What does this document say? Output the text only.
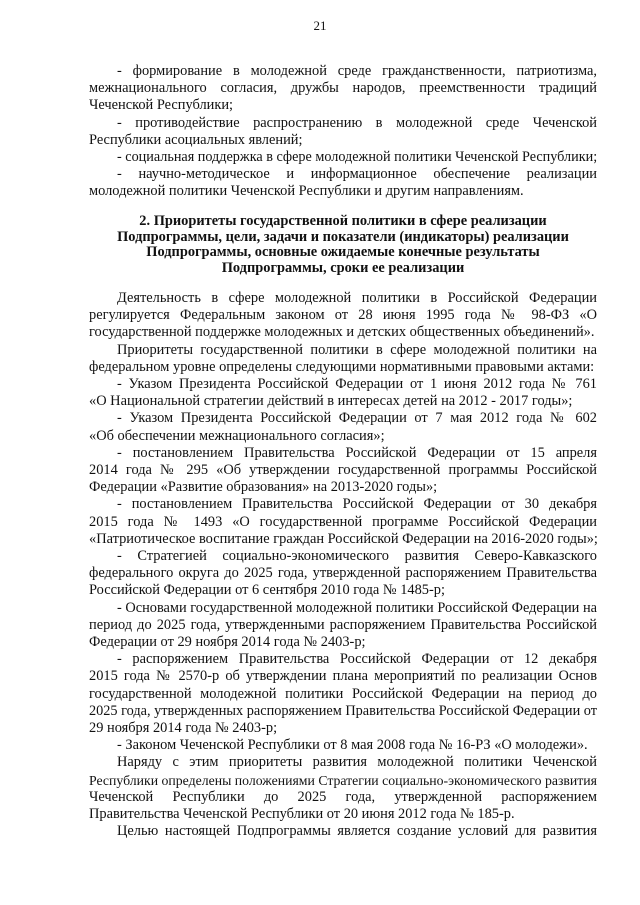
21
- формирование в молодежной среде гражданственности, патриотизма,
межнационального согласия, дружбы народов, преемственности традиций
Чеченской Республики;
- противодействие распространению в молодежной среде Чеченской
Республики асоциальных явлений;
- социальная поддержка в сфере молодежной политики Чеченской Республики;
- научно-методическое и информационное обеспечение реализации
молодежной политики Чеченской Республики и другим направлениям.
2. Приоритеты государственной политики в сфере реализации
Подпрограммы, цели, задачи и показатели (индикаторы) реализации
Подпрограммы, основные ожидаемые конечные результаты
Подпрограммы, сроки ее реализации
Деятельность в сфере молодежной политики в Российской Федерации
регулируется Федеральным законом от 28 июня 1995 года № 98-ФЗ «О
государственной поддержке молодежных и детских общественных объединений».
Приоритеты государственной политики в сфере молодежной политики на
федеральном уровне определены следующими нормативными правовыми актами:
- Указом Президента Российской Федерации от 1 июня 2012 года № 761
«О Национальной стратегии действий в интересах детей на 2012 - 2017 годы»;
- Указом Президента Российской Федерации от 7 мая 2012 года № 602
«Об обеспечении межнационального согласия»;
- постановлением Правительства Российской Федерации от 15 апреля
2014 года № 295 «Об утверждении государственной программы Российской
Федерации «Развитие образования» на 2013-2020 годы»;
- постановлением Правительства Российской Федерации от 30 декабря
2015 года № 1493 «О государственной программе Российской Федерации
«Патриотическое воспитание граждан Российской Федерации на 2016-2020 годы»;
- Стратегией социально-экономического развития Северо-Кавказского
федерального округа до 2025 года, утвержденной распоряжением Правительства
Российской Федерации от 6 сентября 2010 года № 1485-р;
- Основами государственной молодежной политики Российской Федерации на
период до 2025 года, утвержденными распоряжением Правительства Российской
Федерации от 29 ноября 2014 года № 2403-р;
- распоряжением Правительства Российской Федерации от 12 декабря
2015 года № 2570-р об утверждении плана мероприятий по реализации Основ
государственной молодежной политики Российской Федерации на период до
2025 года, утвержденных распоряжением Правительства Российской Федерации от
29 ноября 2014 года № 2403-р;
- Законом Чеченской Республики от 8 мая 2008 года № 16-РЗ «О молодежи».
Наряду с этим приоритеты развития молодежной политики Чеченской
Республики определены положениями Стратегии социально-экономического развития
Чеченской Республики до 2025 года, утвержденной распоряжением
Правительства Чеченской Республики от 20 июня 2012 года № 185-р.
Целью настоящей Подпрограммы является создание условий для развития
